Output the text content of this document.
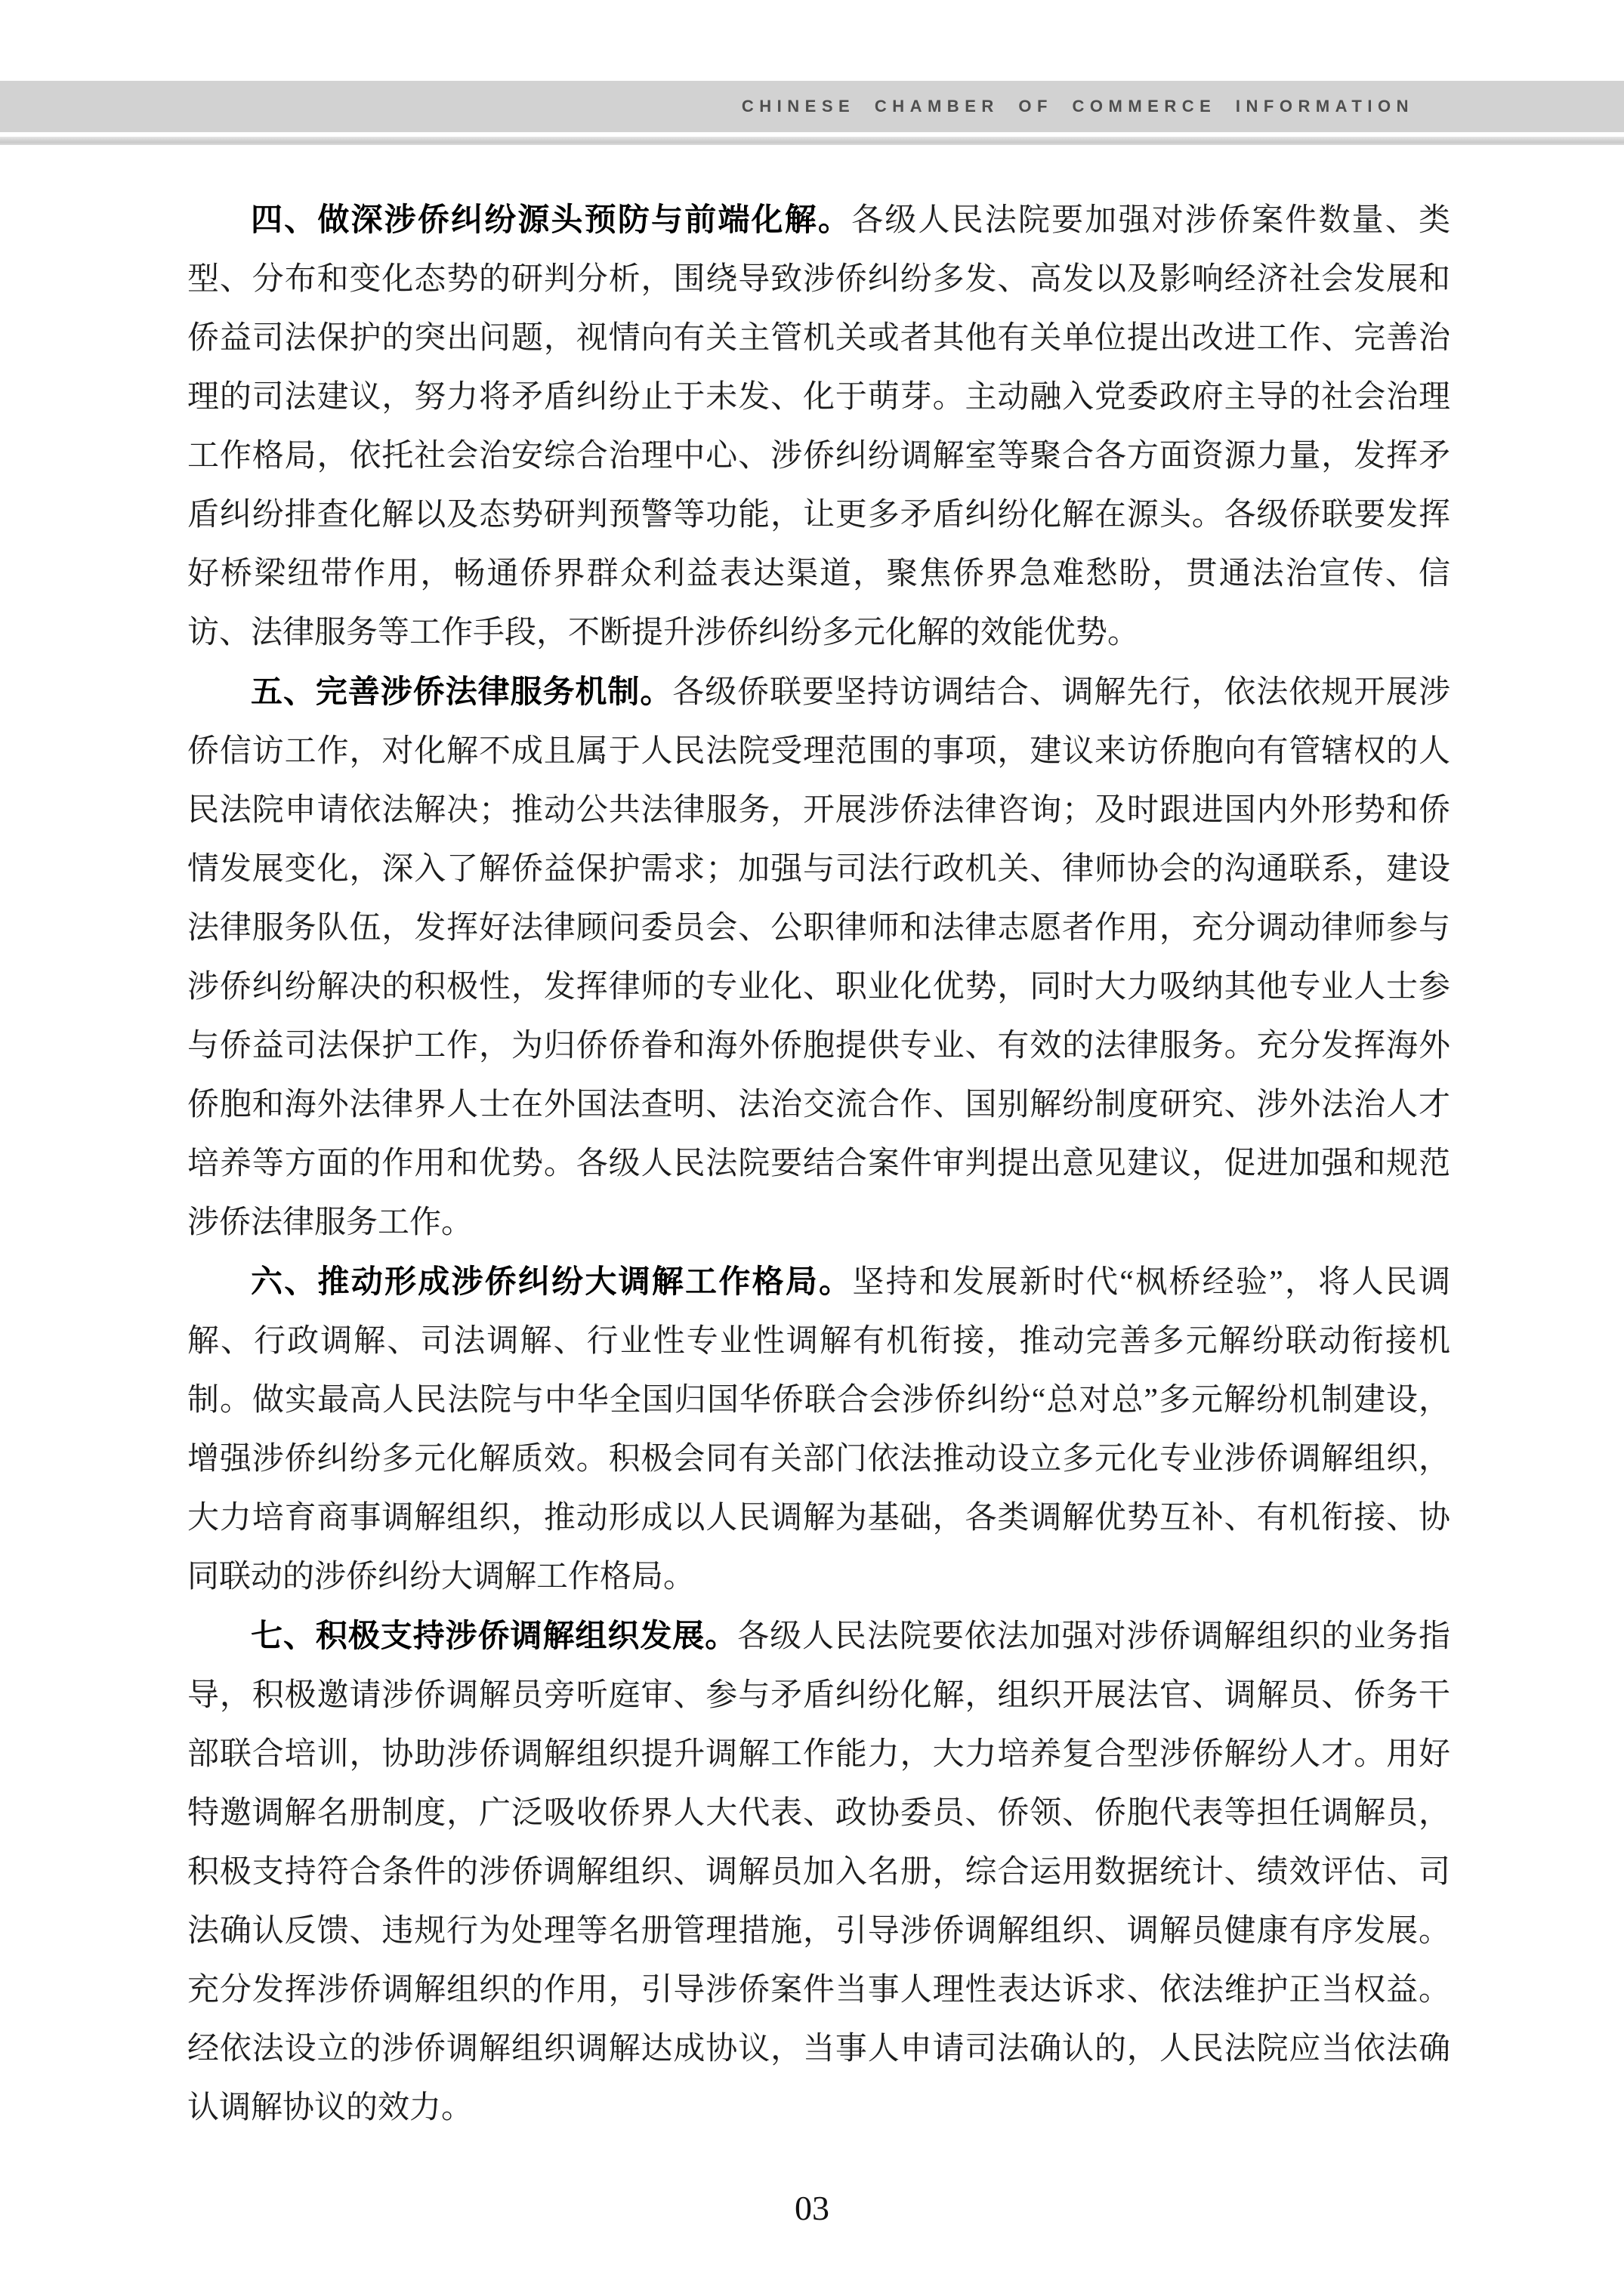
CHINESE CHAMBER OF COMMERCE INFORMATION

四、做深涉侨纠纷源头预防与前端化解。各级人民法院要加强对涉侨案件数量、类型、分布和变化态势的研判分析，围绕导致涉侨纠纷多发、高发以及影响经济社会发展和侨益司法保护的突出问题，视情向有关主管机关或者其他有关单位提出改进工作、完善治理的司法建议，努力将矛盾纠纷止于未发、化于萌芽。主动融入党委政府主导的社会治理工作格局，依托社会治安综合治理中心、涉侨纠纷调解室等聚合各方面资源力量，发挥矛盾纠纷排查化解以及态势研判预警等功能，让更多矛盾纠纷化解在源头。各级侨联要发挥好桥梁纽带作用，畅通侨界群众利益表达渠道，聚焦侨界急难愁盼，贯通法治宣传、信访、法律服务等工作手段，不断提升涉侨纠纷多元化解的效能优势。

五、完善涉侨法律服务机制。各级侨联要坚持访调结合、调解先行，依法依规开展涉侨信访工作，对化解不成且属于人民法院受理范围的事项，建议来访侨胞向有管辖权的人民法院申请依法解决；推动公共法律服务，开展涉侨法律咨询；及时跟进国内外形势和侨情发展变化，深入了解侨益保护需求；加强与司法行政机关、律师协会的沟通联系，建设法律服务队伍，发挥好法律顾问委员会、公职律师和法律志愿者作用，充分调动律师参与涉侨纠纷解决的积极性，发挥律师的专业化、职业化优势，同时大力吸纳其他专业人士参与侨益司法保护工作，为归侨侨眷和海外侨胞提供专业、有效的法律服务。充分发挥海外侨胞和海外法律界人士在外国法查明、法治交流合作、国别解纷制度研究、涉外法治人才培养等方面的作用和优势。各级人民法院要结合案件审判提出意见建议，促进加强和规范涉侨法律服务工作。

六、推动形成涉侨纠纷大调解工作格局。坚持和发展新时代“枫桥经验”，将人民调解、行政调解、司法调解、行业性专业性调解有机衔接，推动完善多元解纷联动衔接机制。做实最高人民法院与中华全国归国华侨联合会涉侨纠纷“总对总”多元解纷机制建设，增强涉侨纠纷多元化解质效。积极会同有关部门依法推动设立多元化专业涉侨调解组织，大力培育商事调解组织，推动形成以人民调解为基础，各类调解优势互补、有机衔接、协同联动的涉侨纠纷大调解工作格局。

七、积极支持涉侨调解组织发展。各级人民法院要依法加强对涉侨调解组织的业务指导，积极邀请涉侨调解员旁听庭审、参与矛盾纠纷化解，组织开展法官、调解员、侨务干部联合培训，协助涉侨调解组织提升调解工作能力，大力培养复合型涉侨解纷人才。用好特邀调解名册制度，广泛吸收侨界人大代表、政协委员、侨领、侨胞代表等担任调解员，积极支持符合条件的涉侨调解组织、调解员加入名册，综合运用数据统计、绩效评估、司法确认反馈、违规行为处理等名册管理措施，引导涉侨调解组织、调解员健康有序发展。充分发挥涉侨调解组织的作用，引导涉侨案件当事人理性表达诉求、依法维护正当权益。经依法设立的涉侨调解组织调解达成协议，当事人申请司法确认的，人民法院应当依法确认调解协议的效力。

03
